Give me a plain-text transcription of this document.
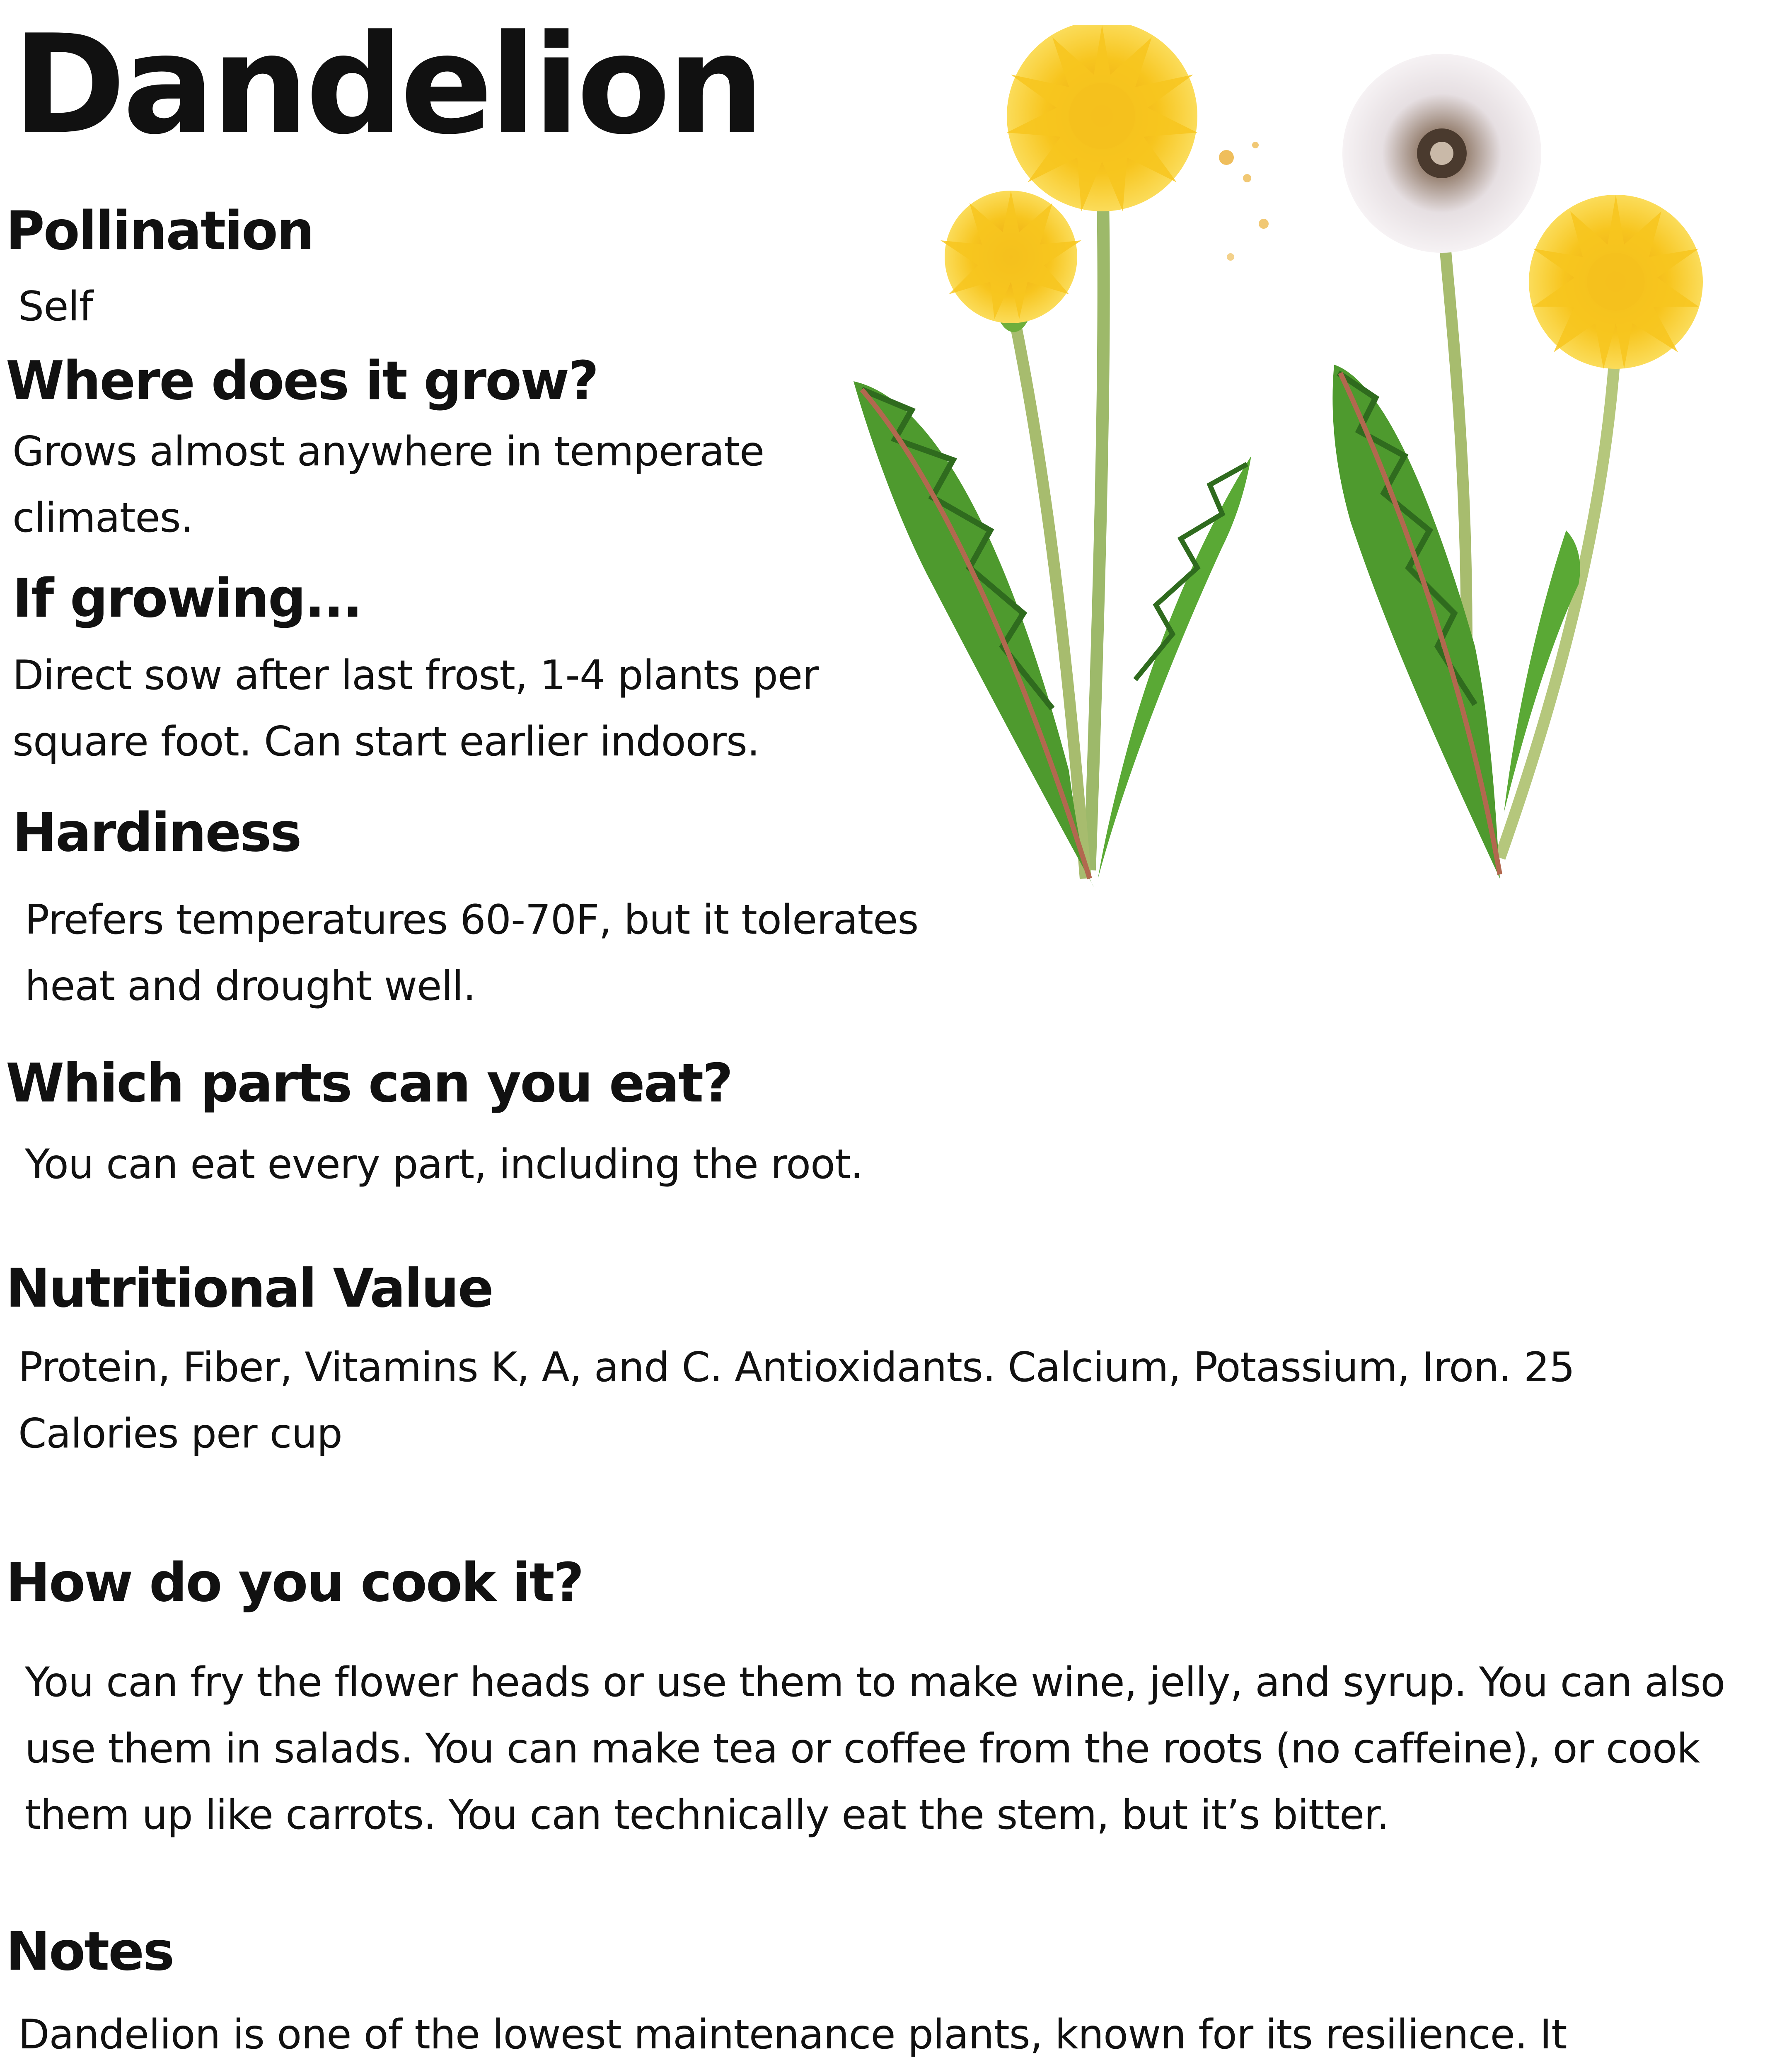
Dandelion
Pollination

Self

Where does it grow?

Grows almost anywhere in temperate climates.

If growing...

Direct sow after last frost, 1-4 plants per square foot. Can start earlier indoors.

Hardiness

Prefers temperatures 60-70F, but it tolerates heat and drought well.

Which parts can you eat?

You can eat every part, including the root.

Nutritional Value

Protein, Fiber, Vitamins K, A, and C. Antioxidants. Calcium, Potassium, Iron. 25 Calories per cup

How do you cook it?

You can fry the flower heads or use them to make wine, jelly, and syrup. You can also use them in salads. You can make tea or coffee from the roots (no caffeine), or cook them up like carrots. You can technically eat the stem, but it’s bitter.

Notes

Dandelion is one of the lowest maintenance plants, known for its resilience. It
